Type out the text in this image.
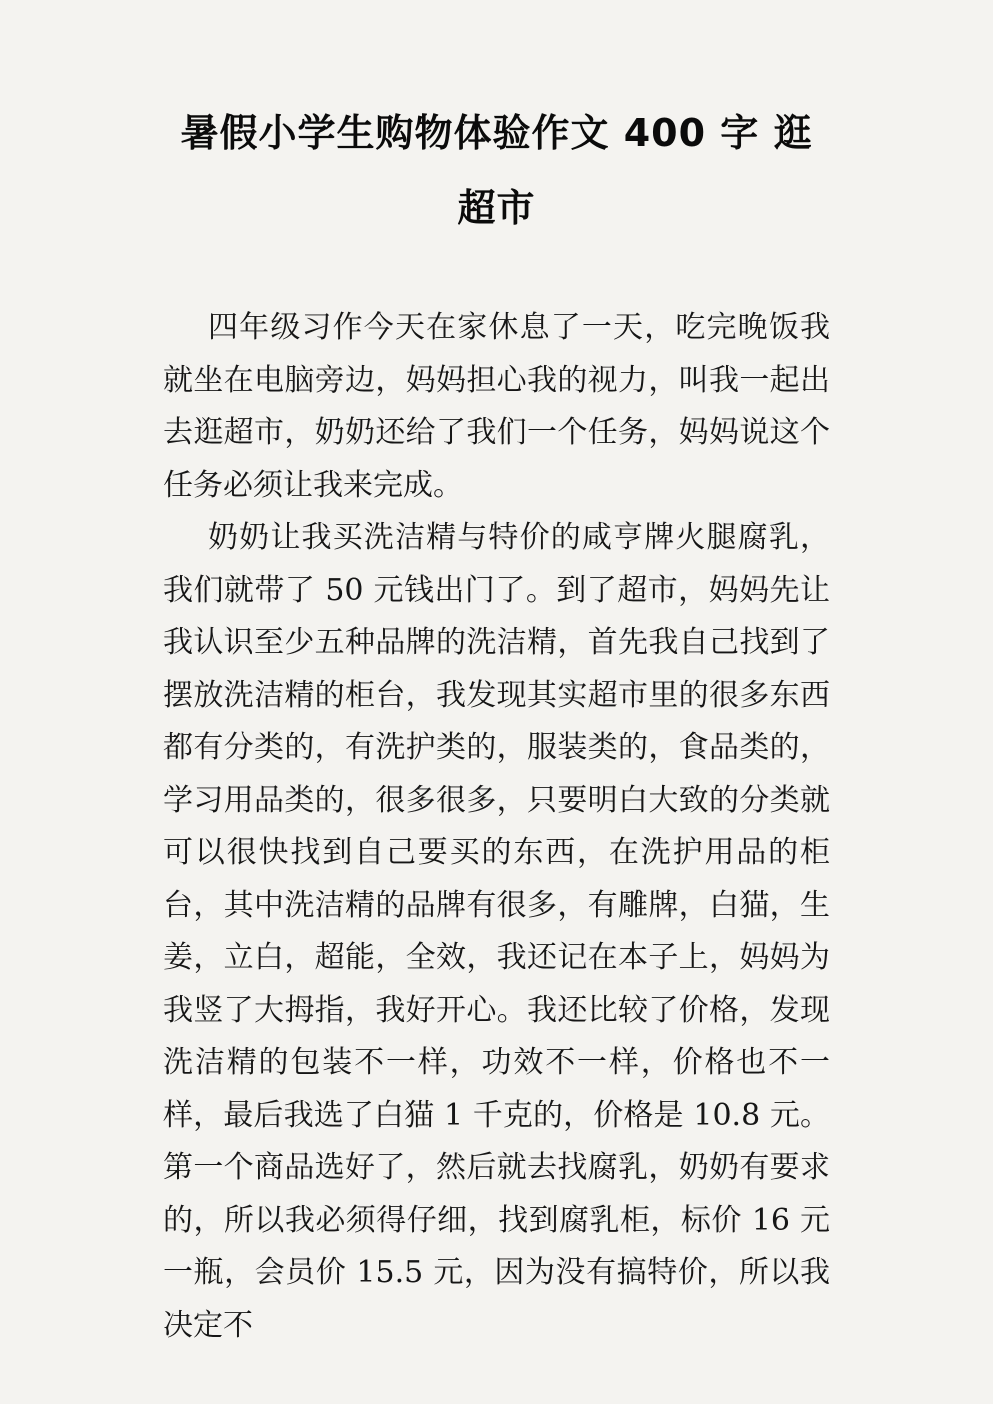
暑假小学生购物体验作文 400 字 逛超市

四年级习作今天在家休息了一天，吃完晚饭我就坐在电脑旁边，妈妈担心我的视力，叫我一起出去逛超市，奶奶还给了我们一个任务，妈妈说这个任务必须让我来完成。

奶奶让我买洗洁精与特价的咸亨牌火腿腐乳，我们就带了 50 元钱出门了。到了超市，妈妈先让我认识至少五种品牌的洗洁精，首先我自己找到了摆放洗洁精的柜台，我发现其实超市里的很多东西都有分类的，有洗护类的，服装类的，食品类的，学习用品类的，很多很多，只要明白大致的分类就可以很快找到自己要买的东西，在洗护用品的柜台，其中洗洁精的品牌有很多，有雕牌，白猫，生姜，立白，超能，全效，我还记在本子上，妈妈为我竖了大拇指，我好开心。我还比较了价格，发现洗洁精的包装不一样，功效不一样，价格也不一样，最后我选了白猫 1 千克的，价格是 10.8 元。第一个商品选好了，然后就去找腐乳，奶奶有要求的，所以我必须得仔细，找到腐乳柜，标价 16 元一瓶，会员价 15.5 元，因为没有搞特价，所以我决定不
